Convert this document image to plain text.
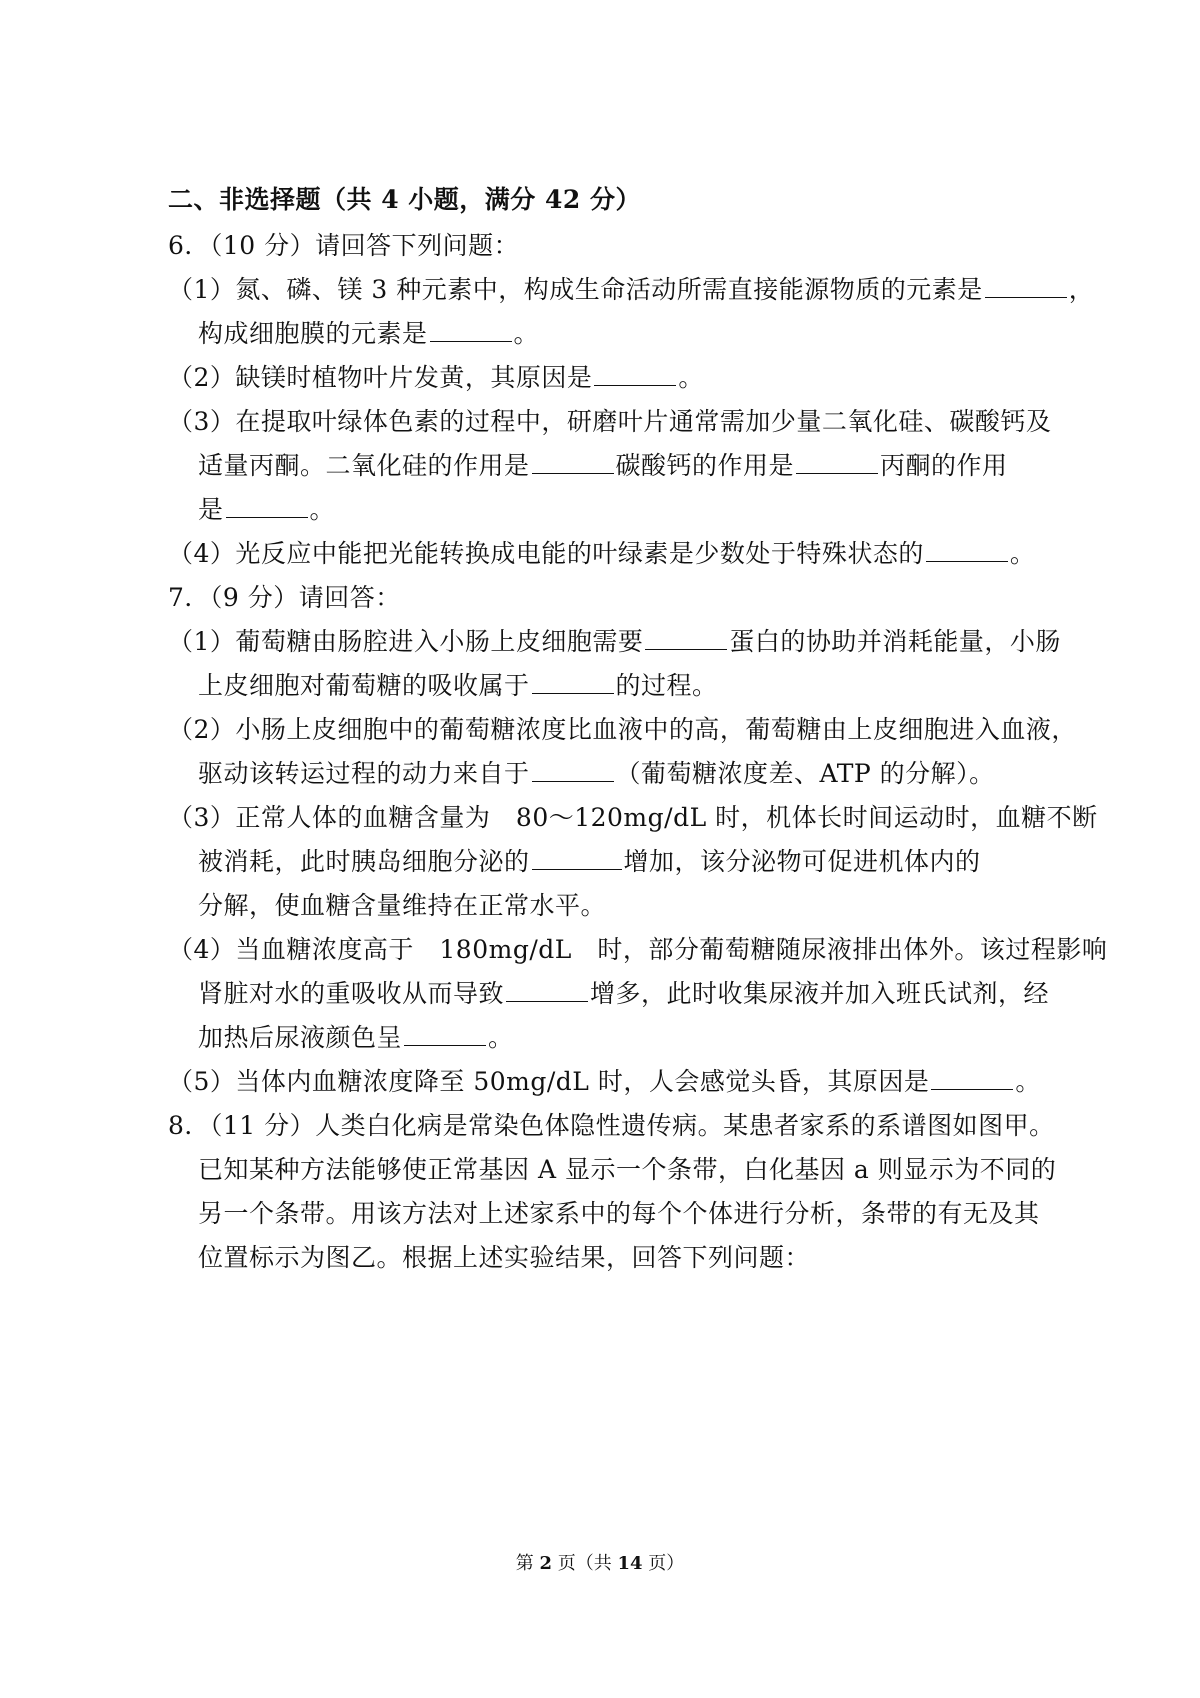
二、非选择题（共 4 小题，满分 42 分）
6．（10 分）请回答下列问题：
（1）氮、磷、镁 3 种元素中，构成生命活动所需直接能源物质的元素是	，
构成细胞膜的元素是	。
（2）缺镁时植物叶片发黄，其原因是	。
（3）在提取叶绿体色素的过程中，研磨叶片通常需加少量二氧化硅、碳酸钙及
适量丙酮。二氧化硅的作用是	碳酸钙的作用是	丙酮的作用
是	。
（4）光反应中能把光能转换成电能的叶绿素是少数处于特殊状态的	。
7．（9 分）请回答：
（1）葡萄糖由肠腔进入小肠上皮细胞需要	蛋白的协助并消耗能量，小肠
上皮细胞对葡萄糖的吸收属于	的过程。
（2）小肠上皮细胞中的葡萄糖浓度比血液中的高，葡萄糖由上皮细胞进入血液，
驱动该转运过程的动力来自于	（葡萄糖浓度差、ATP 的分解）。
（3）正常人体的血糖含量为　80～120mg/dL 时，机体长时间运动时，血糖不断
被消耗，此时胰岛细胞分泌的	增加，该分泌物可促进机体内的
分解，使血糖含量维持在正常水平。
（4）当血糖浓度高于　180mg/dL　时，部分葡萄糖随尿液排出体外。该过程影响
肾脏对水的重吸收从而导致	增多，此时收集尿液并加入班氏试剂，经
加热后尿液颜色呈	。
（5）当体内血糖浓度降至 50mg/dL 时，人会感觉头昏，其原因是	。
8．（11 分）人类白化病是常染色体隐性遗传病。某患者家系的系谱图如图甲。
已知某种方法能够使正常基因 A 显示一个条带，白化基因 a 则显示为不同的
另一个条带。用该方法对上述家系中的每个个体进行分析，条带的有无及其
位置标示为图乙。根据上述实验结果，回答下列问题：
第 2 页（共 14 页）
